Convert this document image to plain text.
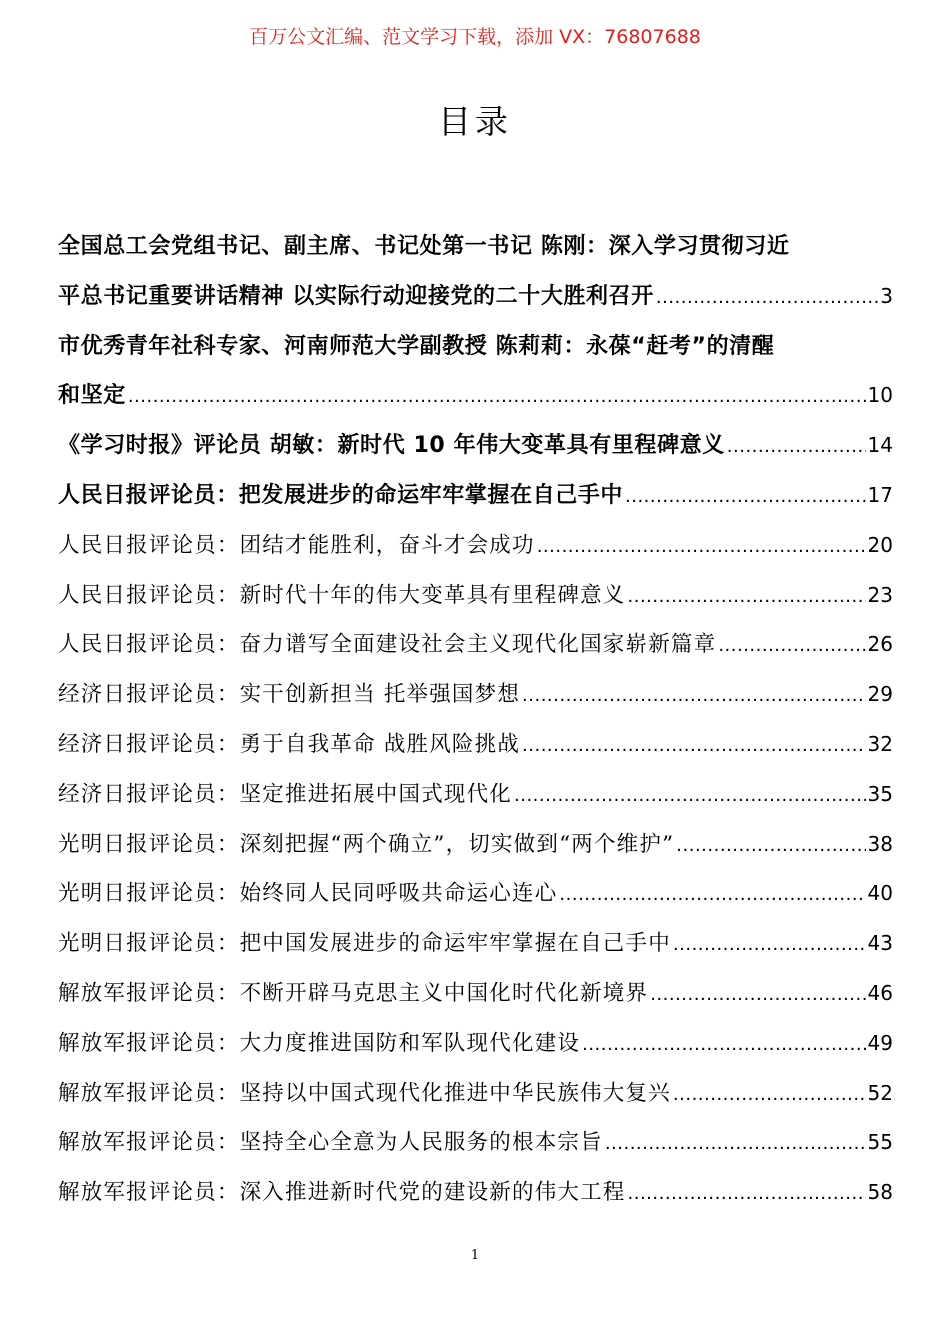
百万公文汇编、范文学习下载，添加 VX：76807688
目录
全国总工会党组书记、副主席、书记处第一书记 陈刚：深入学习贯彻习近
平总书记重要讲话精神 以实际行动迎接党的二十大胜利召开 .....	3
市优秀青年社科专家、河南师范大学副教授 陈莉莉：永葆“赶考”的清醒
和坚定 .....	10
《学习时报》评论员 胡敏：新时代 10 年伟大变革具有里程碑意义 .....	14
人民日报评论员：把发展进步的命运牢牢掌握在自己手中 .....	17
人民日报评论员：团结才能胜利，奋斗才会成功 .....	20
人民日报评论员：新时代十年的伟大变革具有里程碑意义 .....	23
人民日报评论员：奋力谱写全面建设社会主义现代化国家崭新篇章 .....	26
经济日报评论员：实干创新担当 托举强国梦想 .....	29
经济日报评论员：勇于自我革命 战胜风险挑战 .....	32
经济日报评论员：坚定推进拓展中国式现代化 .....	35
光明日报评论员：深刻把握“两个确立”，切实做到“两个维护” .....	38
光明日报评论员：始终同人民同呼吸共命运心连心 .....	40
光明日报评论员：把中国发展进步的命运牢牢掌握在自己手中 .....	43
解放军报评论员：不断开辟马克思主义中国化时代化新境界 .....	46
解放军报评论员：大力度推进国防和军队现代化建设 .....	49
解放军报评论员：坚持以中国式现代化推进中华民族伟大复兴 .....	52
解放军报评论员：坚持全心全意为人民服务的根本宗旨 .....	55
解放军报评论员：深入推进新时代党的建设新的伟大工程 .....	58
1
